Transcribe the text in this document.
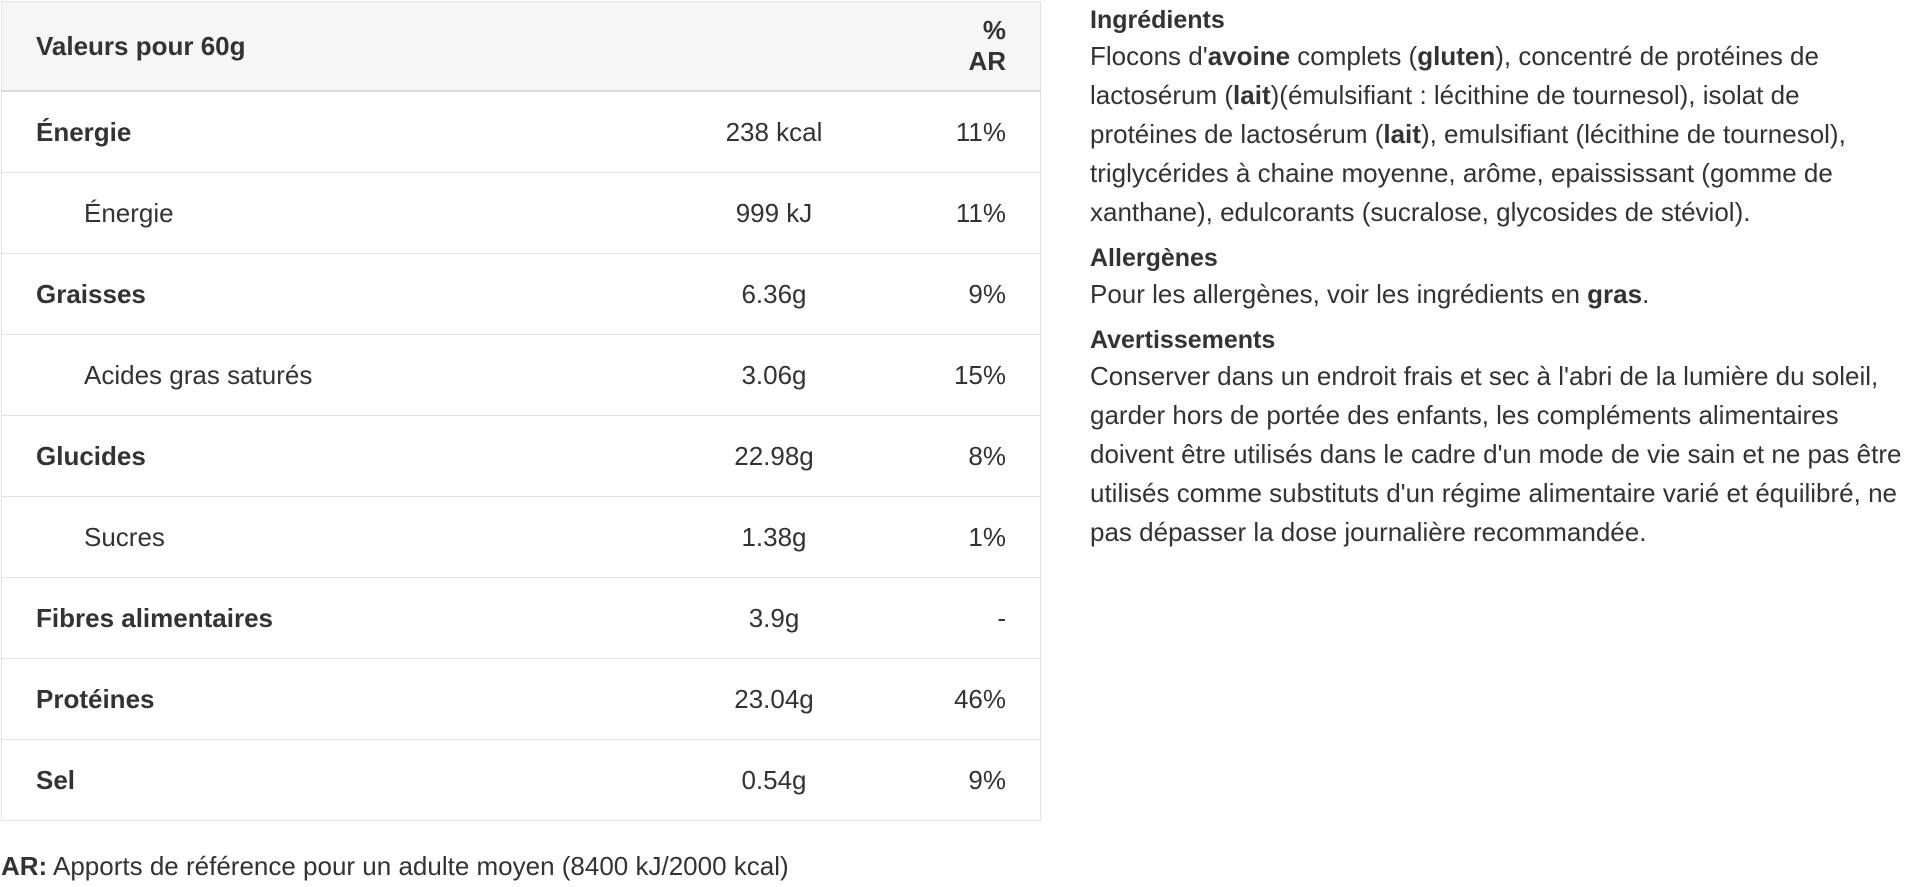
Valeurs pour 60g		% AR
Énergie	238 kcal	11%
Énergie	999 kJ	11%
Graisses	6.36g	9%
Acides gras saturés	3.06g	15%
Glucides	22.98g	8%
Sucres	1.38g	1%
Fibres alimentaires	3.9g	-
Protéines	23.04g	46%
Sel	0.54g	9%

AR: Apports de référence pour un adulte moyen (8400 kJ/2000 kcal)

Ingrédients

Flocons d'avoine complets (gluten), concentré de protéines de lactosérum (lait)(émulsifiant : lécithine de tournesol), isolat de protéines de lactosérum (lait), emulsifiant (lécithine de tournesol), triglycérides à chaine moyenne, arôme, epaississant (gomme de xanthane), edulcorants (sucralose, glycosides de stéviol).

Allergènes

Pour les allergènes, voir les ingrédients en gras.

Avertissements

Conserver dans un endroit frais et sec à l'abri de la lumière du soleil, garder hors de portée des enfants, les compléments alimentaires doivent être utilisés dans le cadre d'un mode de vie sain et ne pas être utilisés comme substituts d'un régime alimentaire varié et équilibré, ne pas dépasser la dose journalière recommandée.
